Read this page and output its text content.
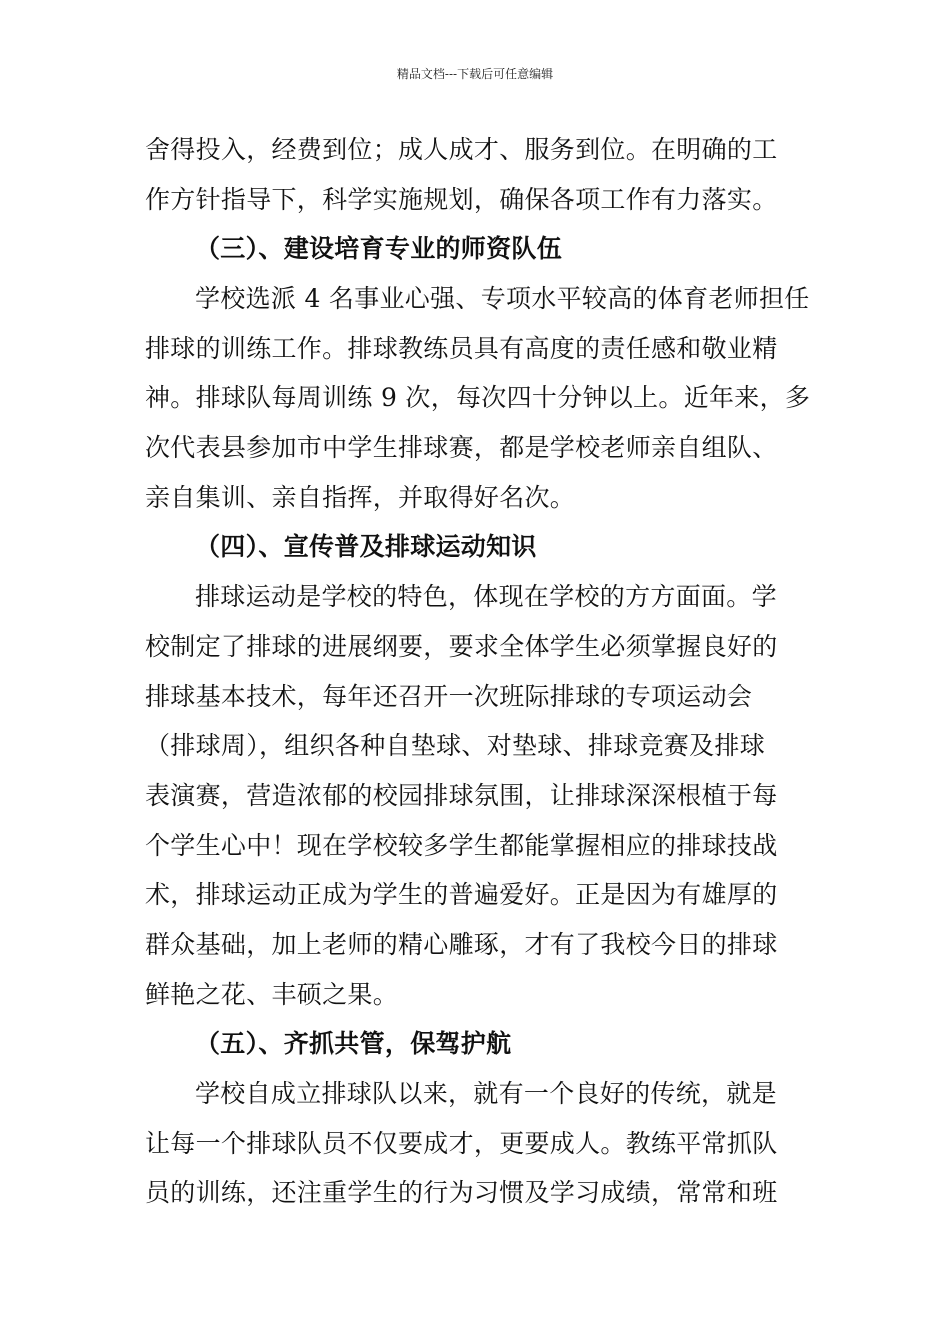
精品文档---下载后可任意编辑
舍得投入，经费到位；成人成才、服务到位。在明确的工
作方针指导下，科学实施规划，确保各项工作有力落实。
（三）、建设培育专业的师资队伍
学校选派 4 名事业心强、专项水平较高的体育老师担任
排球的训练工作。排球教练员具有高度的责任感和敬业精
神。排球队每周训练 9 次，每次四十分钟以上。近年来，多
次代表县参加市中学生排球赛，都是学校老师亲自组队、
亲自集训、亲自指挥，并取得好名次。
（四）、宣传普及排球运动知识
排球运动是学校的特色，体现在学校的方方面面。学
校制定了排球的进展纲要，要求全体学生必须掌握良好的
排球基本技术，每年还召开一次班际排球的专项运动会
（排球周），组织各种自垫球、对垫球、排球竞赛及排球
表演赛，营造浓郁的校园排球氛围，让排球深深根植于每
个学生心中！现在学校较多学生都能掌握相应的排球技战
术，排球运动正成为学生的普遍爱好。正是因为有雄厚的
群众基础，加上老师的精心雕琢，才有了我校今日的排球
鲜艳之花、丰硕之果。
（五）、齐抓共管，保驾护航
学校自成立排球队以来，就有一个良好的传统，就是
让每一个排球队员不仅要成才，更要成人。教练平常抓队
员的训练，还注重学生的行为习惯及学习成绩，常常和班
